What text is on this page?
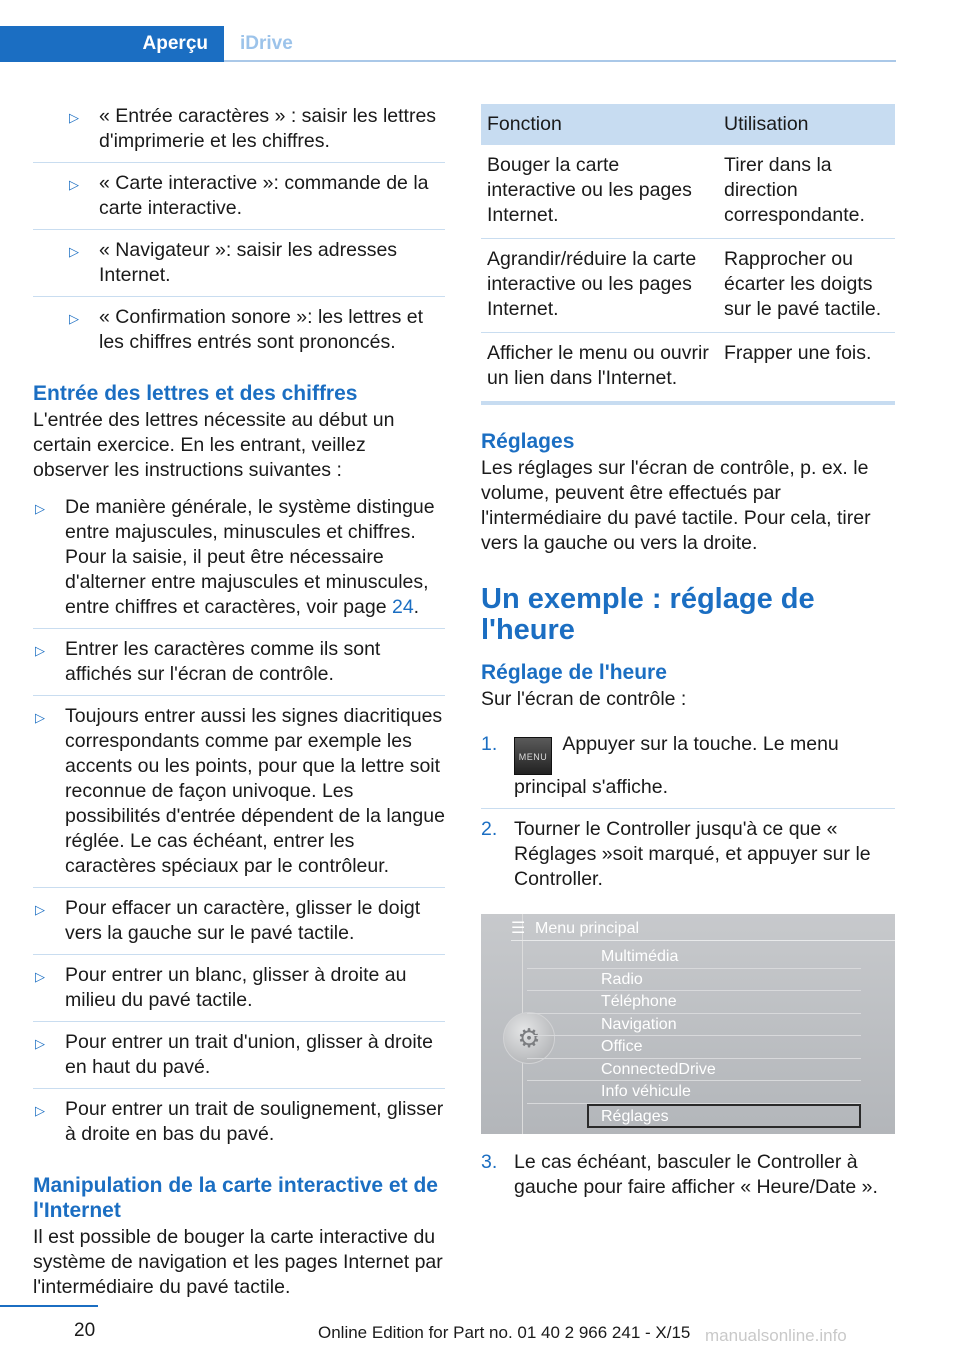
Aperçu	iDrive
▷ « Entrée caractères » : saisir les lettres d'imprimerie et les chiffres.
▷ « Carte interactive »: commande de la carte interactive.
▷ « Navigateur »: saisir les adresses Internet.
▷ « Confirmation sonore »: les lettres et les chiffres entrés sont prononcés.
Entrée des lettres et des chiffres

L'entrée des lettres nécessite au début un certain exercice. En les entrant, veillez observer les instructions suivantes :

▷ De manière générale, le système distingue entre majuscules, minuscules et chiffres. Pour la saisie, il peut être nécessaire d'alterner entre majuscules et minuscules, entre chiffres et caractères, voir page 24.
▷ Entrer les caractères comme ils sont affichés sur l'écran de contrôle.
▷ Toujours entrer aussi les signes diacritiques correspondants comme par exemple les accents ou les points, pour que la lettre soit reconnue de façon univoque. Les possibilités d'entrée dépendent de la langue réglée. Le cas échéant, entrer les caractères spéciaux par le contrôleur.
▷ Pour effacer un caractère, glisser le doigt vers la gauche sur le pavé tactile.
▷ Pour entrer un blanc, glisser à droite au milieu du pavé tactile.
▷ Pour entrer un trait d'union, glisser à droite en haut du pavé.
▷ Pour entrer un trait de soulignement, glisser à droite en bas du pavé.
Manipulation de la carte interactive et de l'Internet

Il est possible de bouger la carte interactive du système de navigation et les pages Internet par l'intermédiaire du pavé tactile.

Fonction	Utilisation
Bouger la carte interactive ou les pages Internet.	Tirer dans la direction correspondante.
Agrandir/réduire la carte interactive ou les pages Internet.	Rapprocher ou écarter les doigts sur le pavé tactile.
Afficher le menu ou ouvrir un lien dans l'Internet.	Frapper une fois.
Réglages

Les réglages sur l'écran de contrôle, p. ex. le volume, peuvent être effectués par l'intermédiaire du pavé tactile. Pour cela, tirer vers la gauche ou vers la droite.

Un exemple : réglage de l'heure
Réglage de l'heure

Sur l'écran de contrôle :

1.
MENU Appuyer sur la touche. Le menu principal s'affiche.
2. Tourner le Controller jusqu'à ce que « Réglages »soit marqué, et appuyer sur le Controller.
☰ Menu principal
⚙
Multimédia
Radio
Téléphone
Navigation
Office
ConnectedDrive
Info véhicule
Réglages
3. Le cas échéant, basculer le Controller à gauche pour faire afficher « Heure/Date ».
20	Online Edition for Part no. 01 40 2 966 241 - X/15 manualsonline.info
